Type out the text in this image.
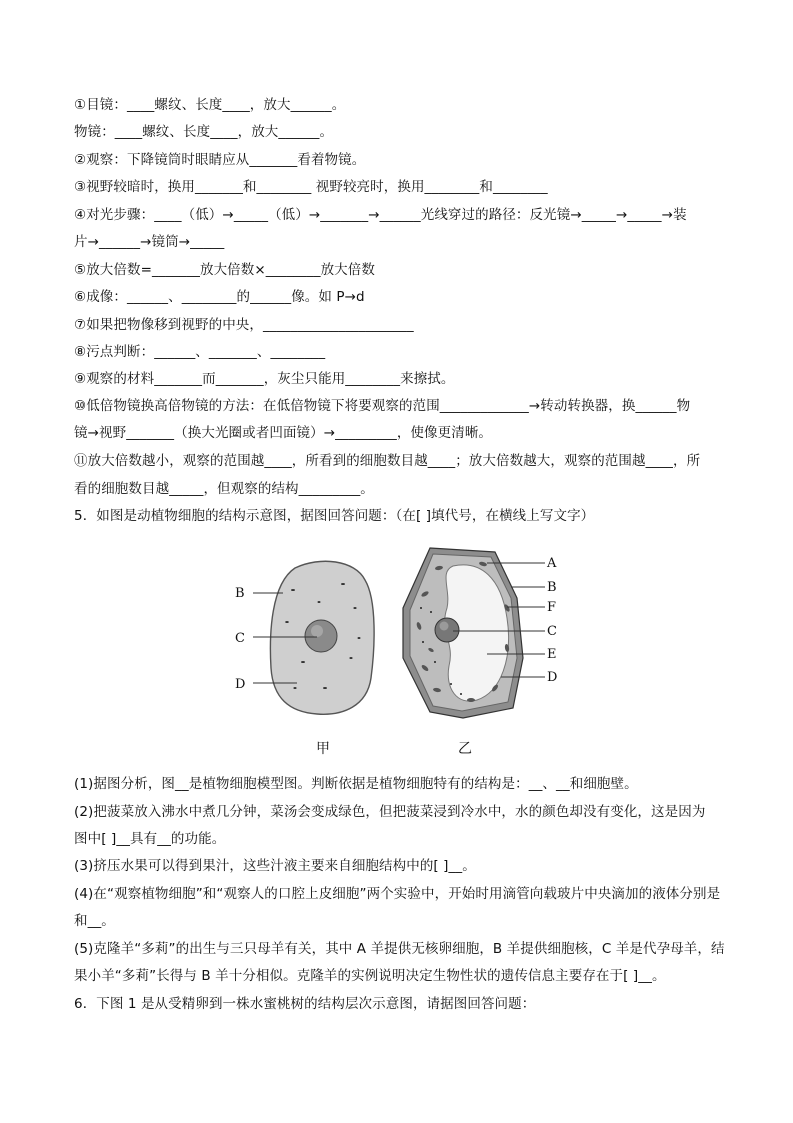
①目镜：____螺纹、长度____，放大______。
物镜：____螺纹、长度____，放大______。
②观察：下降镜筒时眼睛应从_______看着物镜。
③视野较暗时，换用_______和________ 视野较亮时，换用________和________
④对光步骤：____（低）→_____（低）→_______→______光线穿过的路径：反光镜→_____→_____→装
片→______→镜筒→_____
⑤放大倍数=_______放大倍数×________放大倍数
⑥成像：______、________的______像。如 P→d
⑦如果把物像移到视野的中央，______________________
⑧污点判断：______、_______、________
⑨观察的材料_______而_______，灰尘只能用________来擦拭。
⑩低倍物镜换高倍物镜的方法：在低倍物镜下将要观察的范围_____________→转动转换器，换______物
镜→视野_______（换大光圈或者凹面镜）→_________，使像更清晰。
⑪放大倍数越小，观察的范围越____，所看到的细胞数目越____；放大倍数越大，观察的范围越____，所
看的细胞数目越_____，但观察的结构_________。
5．如图是动植物细胞的结构示意图，据图回答问题：（在[ ]填代号，在横线上写文字）
B
C
D
A
B
F
C
E
D
甲	乙
(1)据图分析，图__是植物细胞模型图。判断依据是植物细胞特有的结构是：__、__和细胞壁。
(2)把菠菜放入沸水中煮几分钟，菜汤会变成绿色，但把菠菜浸到冷水中，水的颜色却没有变化，这是因为
图中[ ]__具有__的功能。
(3)挤压水果可以得到果汁，这些汁液主要来自细胞结构中的[ ]__。
(4)在“观察植物细胞”和“观察人的口腔上皮细胞”两个实验中，开始时用滴管向载玻片中央滴加的液体分别是
和__。
(5)克隆羊“多莉”的出生与三只母羊有关，其中 A 羊提供无核卵细胞，B 羊提供细胞核，C 羊是代孕母羊，结
果小羊“多莉”长得与 B 羊十分相似。克隆羊的实例说明决定生物性状的遗传信息主要存在于[ ]__。
6．下图 1 是从受精卵到一株水蜜桃树的结构层次示意图，请据图回答问题：
